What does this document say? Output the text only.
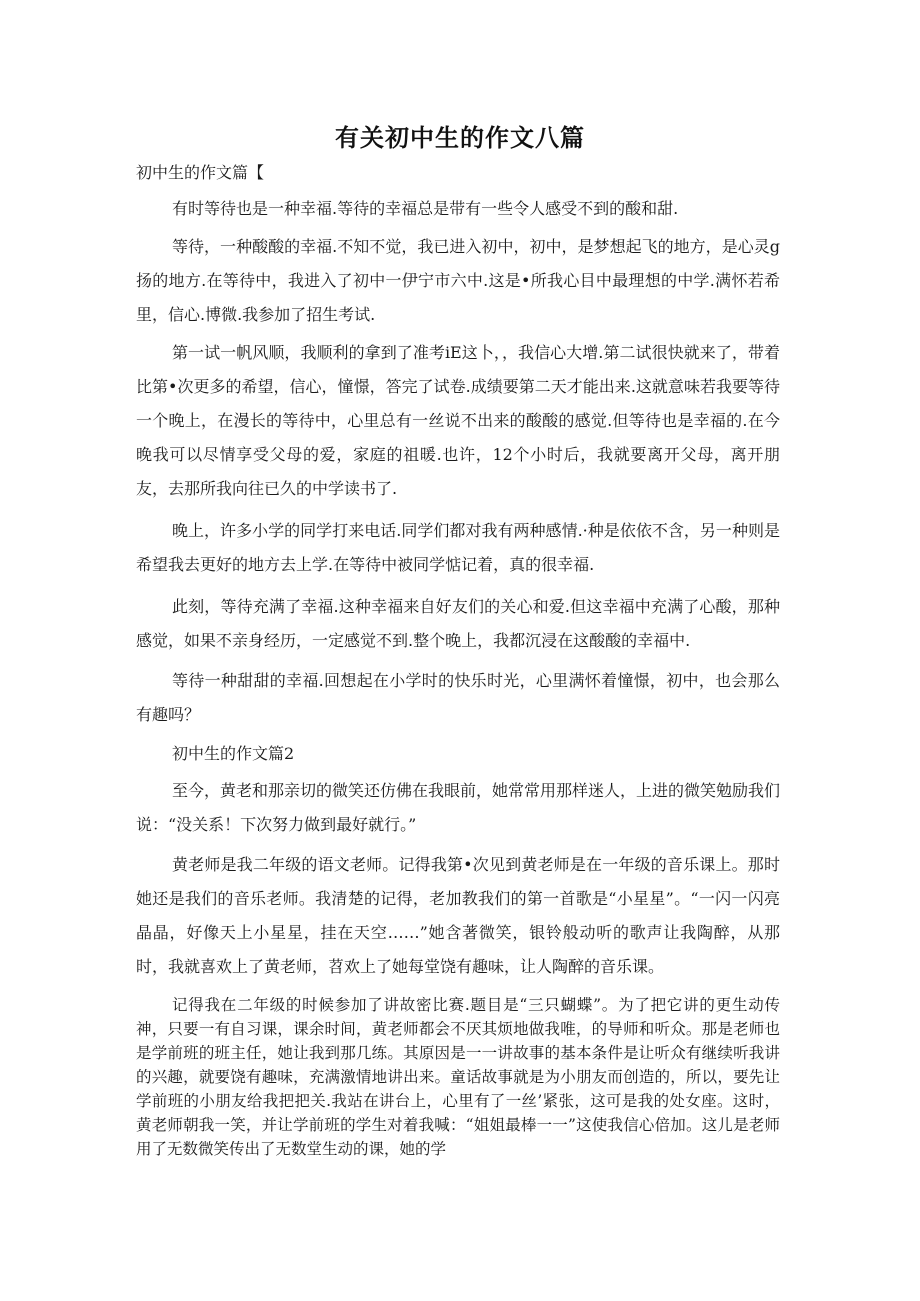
有关初中生的作文八篇
初中生的作文篇【
有时等待也是一种幸福.等待的幸福总是带有一些令人感受不到的酸和甜.
等待，一种酸酸的幸福.不知不觉，我已进入初中，初中，是梦想起飞的地方，是心灵g扬的地方.在等待中，我进入了初中一伊宁市六中.这是•所我心目中最理想的中学.满怀若希里，信心.博微.我参加了招生考试.
第一试一帆风顺，我顺利的拿到了准考iE这卜，，我信心大增.第二试很快就来了，带着比第•次更多的希望，信心，憧憬，答完了试卷.成绩要第二天才能出来.这就意味若我要等待一个晚上，在漫长的等待中，心里总有一丝说不出来的酸酸的感觉.但等待也是幸福的.在今晚我可以尽情享受父母的爱，家庭的祖暖.也许，12个小时后，我就要离开父母，离开朋友，去那所我向往已久的中学读书了.
晚上，许多小学的同学打来电话.同学们都对我有两种感情.·种是依依不含，另一种则是希望我去更好的地方去上学.在等待中被同学惦记着，真的很幸福.
此刻，等待充满了幸福.这种幸福来自好友们的关心和爱.但这幸福中充满了心酸，那种感觉，如果不亲身经历，一定感觉不到.整个晚上，我都沉浸在这酸酸的幸福中.
等待一种甜甜的幸福.回想起在小学时的快乐时光，心里满怀着憧憬，初中，也会那么有趣吗？
初中生的作文篇2
至今，黄老和那亲切的微笑还仿佛在我眼前，她常常用那样迷人，上进的微笑勉励我们说：“没关系！下次努力做到最好就行。”
黄老师是我二年级的语文老师。记得我第•次见到黄老师是在一年级的音乐课上。那时她还是我们的音乐老师。我清楚的记得，老加教我们的第一首歌是“小星星”。“一闪一闪亮晶晶，好像天上小星星，挂在天空……”她含著微笑，银铃般动听的歌声让我陶醉，从那时，我就喜欢上了黄老师，苕欢上了她每堂饶有趣味，让人陶醉的音乐课。
记得我在二年级的时候参加了讲故密比赛.题目是“三只蝴蝶”。为了把它讲的更生动传神，只要一有自习课，课余时间，黄老师都会不厌其烦地做我唯，的导师和听众。那是老师也是学前班的班主任，她让我到那几练。其原因是一一讲故事的基本条件是让听众有继续听我讲的兴趣，就要饶有趣味，充满激情地讲出来。童话故事就是为小朋友而创造的，所以，要先让学前班的小朋友给我把把关.我站在讲台上，心里有了一丝’紧张，这可是我的处女座。这时，黄老师朝我一笑，并让学前班的学生对着我喊：“姐姐最棒一一”这使我信心倍加。这儿是老师用了无数微笑传出了无数堂生动的课，她的学
